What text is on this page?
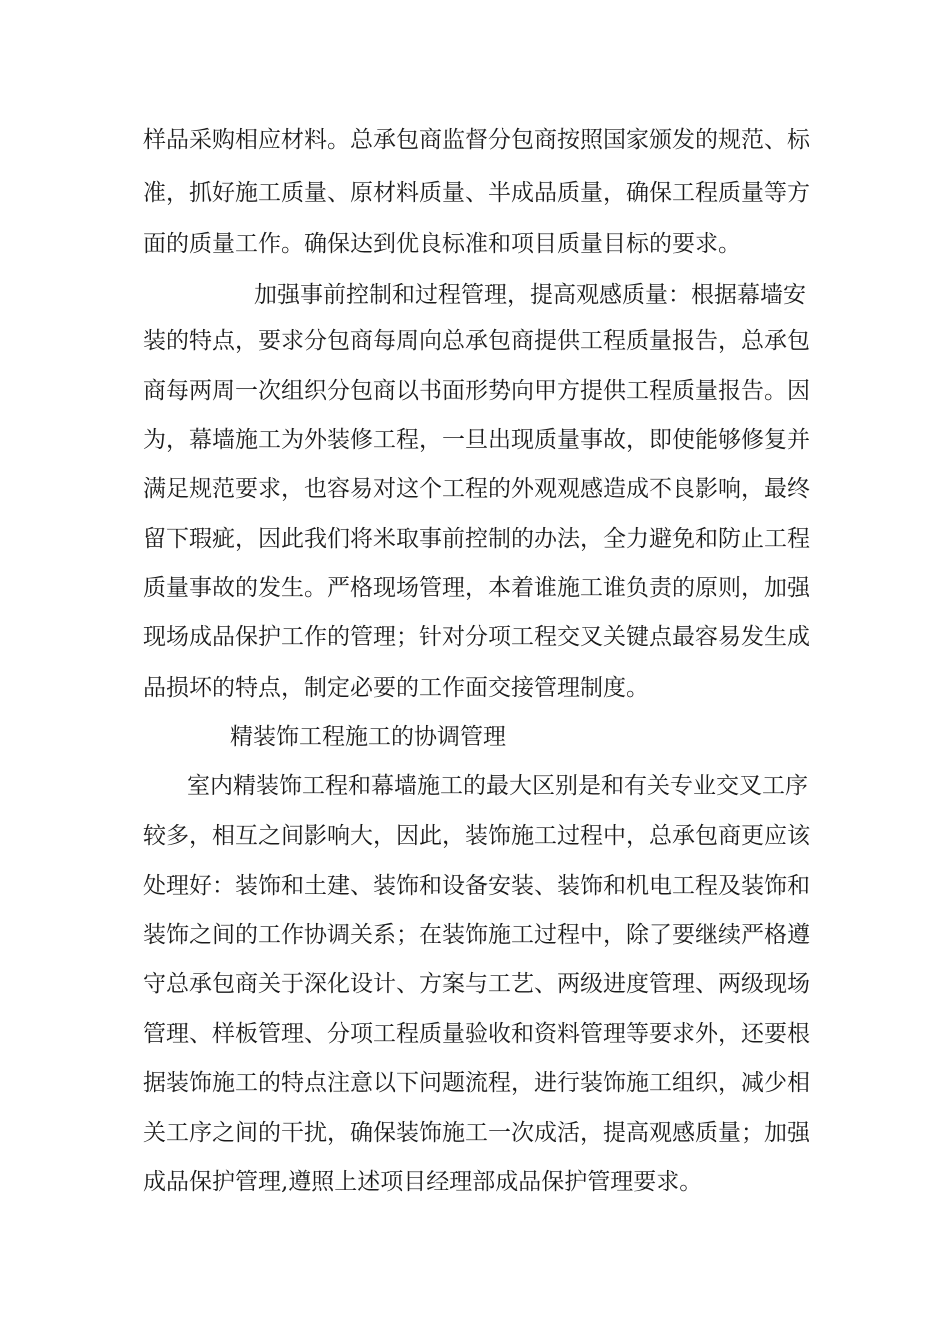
样品采购相应材料。总承包商监督分包商按照国家颁发的规范、标

准，抓好施工质量、原材料质量、半成品质量，确保工程质量等方

面的质量工作。确保达到优良标准和项目质量目标的要求。

加强事前控制和过程管理，提高观感质量：根据幕墙安

装的特点，要求分包商每周向总承包商提供工程质量报告，总承包

商每两周一次组织分包商以书面形势向甲方提供工程质量报告。因

为，幕墙施工为外装修工程，一旦出现质量事故，即使能够修复并

满足规范要求，也容易对这个工程的外观观感造成不良影响，最终

留下瑕疵，因此我们将米取事前控制的办法，全力避免和防止工程

质量事故的发生。严格现场管理，本着谁施工谁负责的原则，加强

现场成品保护工作的管理；针对分项工程交叉关键点最容易发生成

品损坏的特点，制定必要的工作面交接管理制度。

精装饰工程施工的协调管理

室内精装饰工程和幕墙施工的最大区别是和有关专业交叉工序

较多，相互之间影响大，因此，装饰施工过程中，总承包商更应该

处理好：装饰和土建、装饰和设备安装、装饰和机电工程及装饰和

装饰之间的工作协调关系；在装饰施工过程中，除了要继续严格遵

守总承包商关于深化设计、方案与工艺、两级进度管理、两级现场

管理、样板管理、分项工程质量验收和资料管理等要求外，还要根

据装饰施工的特点注意以下问题流程，进行装饰施工组织，减少相

关工序之间的干扰，确保装饰施工一次成活，提高观感质量；加强

成品保护管理,遵照上述项目经理部成品保护管理要求。
